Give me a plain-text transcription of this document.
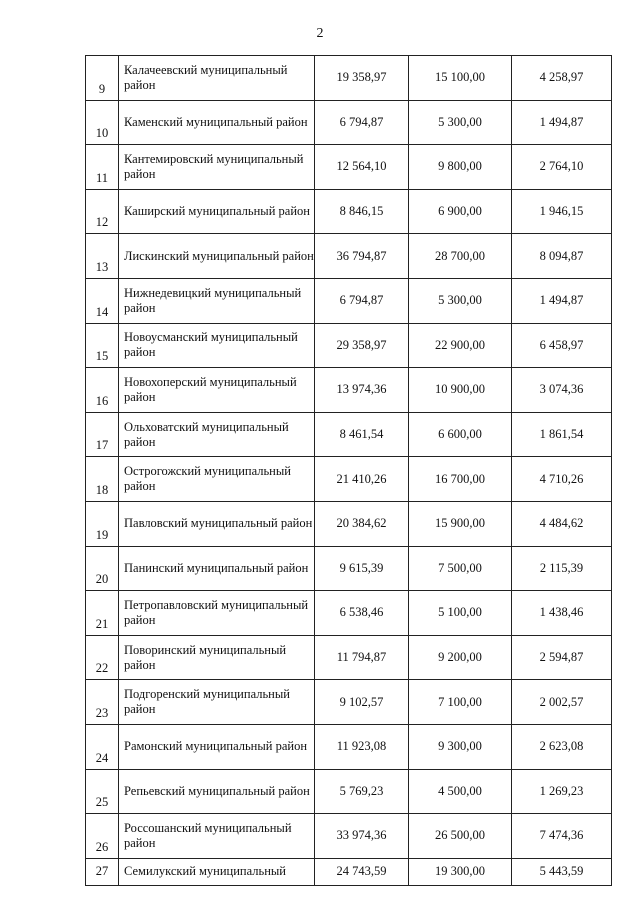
2
9	Калачеевский муниципальный район	19 358,97	15 100,00	4 258,97
10	Каменский муниципальный район	6 794,87	5 300,00	1 494,87
11	Кантемировский муниципальный район	12 564,10	9 800,00	2 764,10
12	Каширский муниципальный район	8 846,15	6 900,00	1 946,15
13	Лискинский муниципальный район	36 794,87	28 700,00	8 094,87
14	Нижнедевицкий муниципальный район	6 794,87	5 300,00	1 494,87
15	Новоусманский муниципальный район	29 358,97	22 900,00	6 458,97
16	Новохоперский муниципальный район	13 974,36	10 900,00	3 074,36
17	Ольховатский муниципальный район	8 461,54	6 600,00	1 861,54
18	Острогожский муниципальный район	21 410,26	16 700,00	4 710,26
19	Павловский муниципальный район	20 384,62	15 900,00	4 484,62
20	Панинский муниципальный район	9 615,39	7 500,00	2 115,39
21	Петропавловский муниципальный район	6 538,46	5 100,00	1 438,46
22	Поворинский муниципальный район	11 794,87	9 200,00	2 594,87
23	Подгоренский муниципальный район	9 102,57	7 100,00	2 002,57
24	Рамонский муниципальный район	11 923,08	9 300,00	2 623,08
25	Репьевский муниципальный район	5 769,23	4 500,00	1 269,23
26	Россошанский муниципальный район	33 974,36	26 500,00	7 474,36
27	Семилукский муниципальный	24 743,59	19 300,00	5 443,59
